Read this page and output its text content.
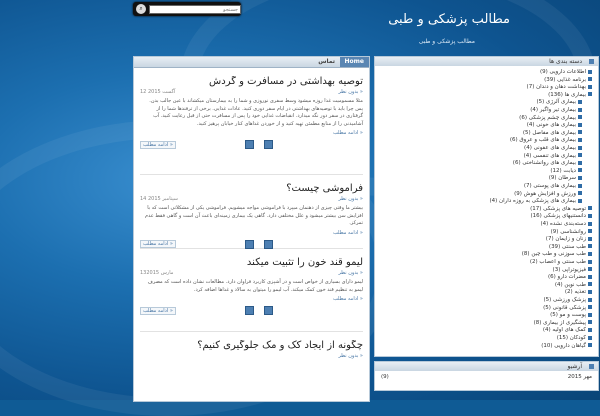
⌕
جستجو
مطالب پزشکی و طبی
مطالب پزشکی و طبی
Home
تماس
توصیه بهداشتی در مسافرت و گردش
12 آگست 2015	بدون نظر »
مثلا مسمومیت غذا روزه میشود وسط سفری نوروزی و شما را به بیمارستان میکشاند با عین جالب بدن. پس چرا باید با توصیه‌های بهداشتی در ایام سفر دوری کنید. عادات غذایی. برخی از ترفندها شما را از گرفتاری در سفر دور نگه میدارد. انقباضات غذایی خود را پس از مسافرت حتی از قبل رعایت کنید. آب آشامیدنی را از منابع مطمئن تهیه کنید و از خوردن غذاهای کنار خیابان پرهیز کنید.
ادامه مطلب »
ادامه مطلب »
فراموشی چیست؟
14 سپتامبر 2015	بدون نظر »
بیشتر ما وقتی چیزی از ذهنمان میپرد با فراموشی مواجه میشویم. فراموشی یکی از مشکلاتی است که با افزایش سن بیشتر میشود و علل مختلفی دارد. گاهی یک بیماری زمینه‌ای باعث آن است و گاهی فقط عدم تمرکز.
ادامه مطلب »
ادامه مطلب »
لیمو قند خون را تثبیت میکند
13مارس 2015	بدون نظر »
لیمو دارای بسیاری از خواص است و در آشپزی کاربرد فراوان دارد. مطالعات نشان داده است که مصرف لیمو به تنظیم قند خون کمک میکند. آب لیمو را میتوان به سالاد و غذاها اضافه کرد.
ادامه مطلب »
ادامه مطلب »
چگونه از ایجاد کک و مک جلوگیری کنیم؟
بدون نظر »
دسته بندی ها
اطلاعات دارویی (9)
برنامه غذایی (39)
بهداشت دهان و دندان (7)
بیماری ها (136)
بیماری آلرژی (5)
بیماری تیر واگیر (4)
بیماری چشم پزشکی (6)
بیماری های خونی (4)
بیماری های مفاصل (5)
بیماری های قلب و عروق (6)
بیماری های عفونی (4)
بیماری های تنفسی (4)
بیماری های روانشناختی (6)
دیابت (12)
سرطان (9)
بیماری های پوستی (7)
ورزش و افزایش هوش (9)
بیماری های پزشکی به روزه داران (4)
توصیه های پزشکی (17)
دانستنیهای پزشکی (16)
دسته‌بندی نشده (4)
روانشناسی (9)
زنان و زایمان (7)
طب سنتی (39)
طب سوزنی و طب چین (8)
طب سنتی و اعصاب (2)
فیزیوتراپی (3)
مضرات دارو (6)
طب نوین (4)
تغذیه (2)
پزشک ورزشی (5)
پزشکی قانونی (5)
پوست و مو (5)
پیشگیری از بیماری (8)
کمک های اولیه (4)
کودکان (15)
گیاهان دارویی (10)
آرشیو
(9)	مهر 2015
